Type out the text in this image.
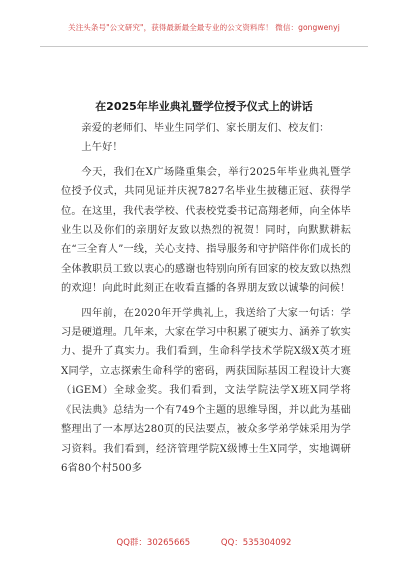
关注头条号"公文研究"，获得最新最全最专业的公文资料库！ 微信：gongwenyj
在2025年毕业典礼暨学位授予仪式上的讲话

亲爱的老师们、毕业生同学们、家长朋友们、校友们：

上午好！

今天，我们在X广场隆重集会，举行2025年毕业典礼暨学位授予仪式，共同见证并庆祝7827名毕业生披穗正冠、获得学位。在这里，我代表学校、代表校党委书记高翔老师，向全体毕业生以及你们的亲朋好友致以热烈的祝贺！同时，向默默耕耘在“三全育人”一线，关心支持、指导服务和守护陪伴你们成长的全体教职员工致以衷心的感谢也特别向所有回家的校友致以热烈的欢迎！向此时此刻正在收看直播的各界朋友致以诚挚的问候！

四年前，在2020年开学典礼上，我送给了大家一句话：学习是硬道理。几年来，大家在学习中积累了硬实力、涵养了软实力、提升了真实力。我们看到，生命科学技术学院X级X英才班X同学，立志探索生命科学的密码，两获国际基因工程设计大赛（iGEM）全球金奖。我们看到，文法学院法学X班X同学将《民法典》总结为一个有749个主题的思维导图，并以此为基础整理出了一本厚达280页的民法要点，被众多学弟学妹采用为学习资料。我们看到，经济管理学院X级博士生X同学，实地调研6省80个村500多

QQ群：30265665	QQ：535304092
